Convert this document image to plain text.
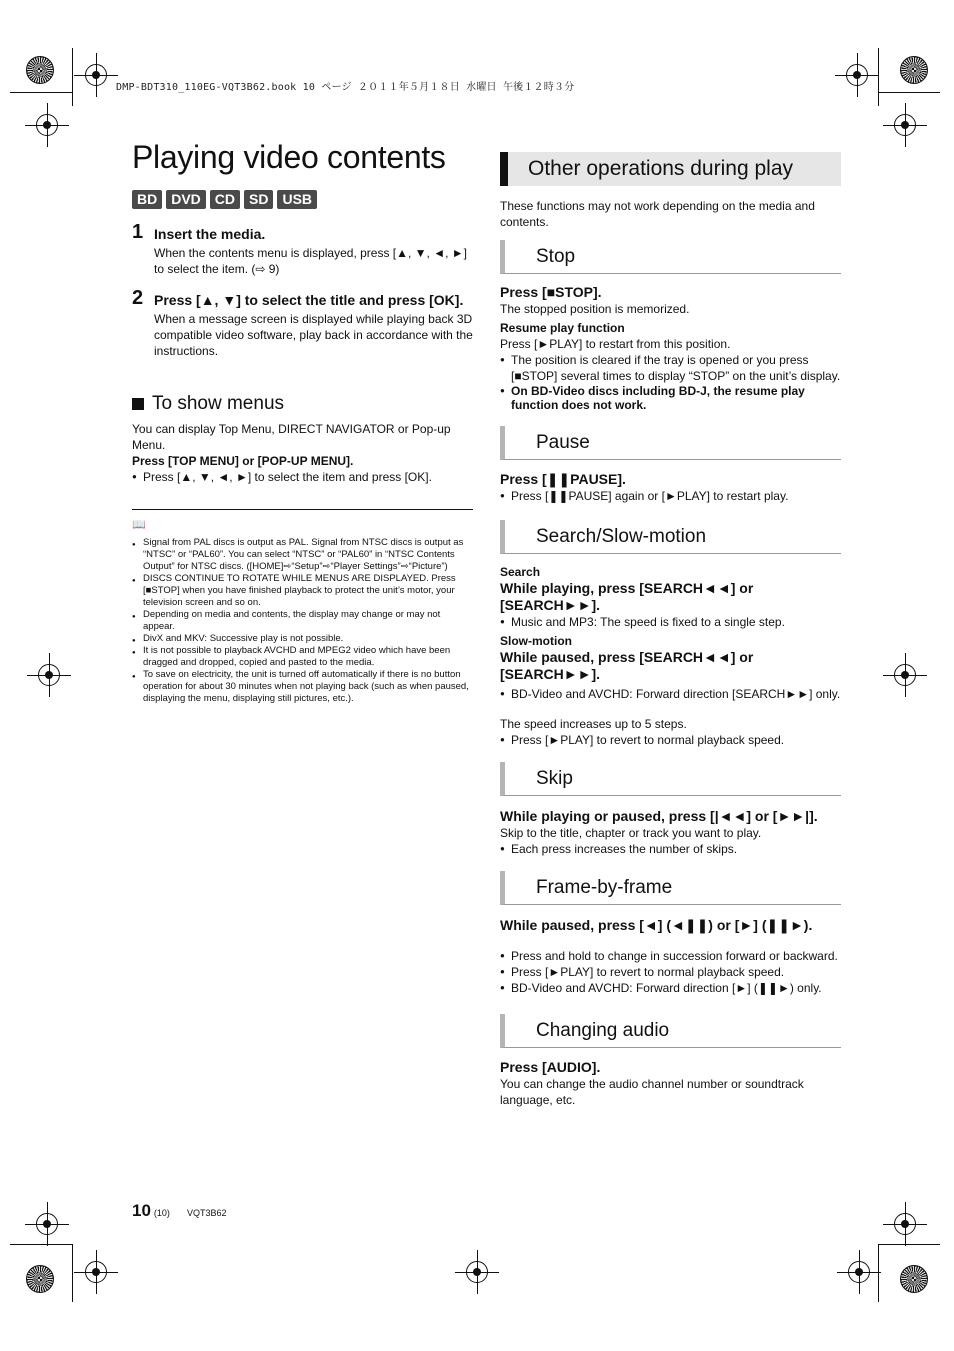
DMP-BDT310_110EG-VQT3B62.book 10 ページ ２０１１年５月１８日 水曜日 午後１２時３分
Playing video contents
BD	DVD	CD	SD	USB
1 Insert the media.
When the contents menu is displayed, press [▲, ▼, ◄, ►] to select the item. (⇨ 9)
2 Press [▲, ▼] to select the title and press [OK].
When a message screen is displayed while playing back 3D compatible video software, play back in accordance with the instructions.
To show menus
You can display Top Menu, DIRECT NAVIGATOR or Pop-up Menu.
Press [TOP MENU] or [POP-UP MENU].
● Press [▲, ▼, ◄, ►] to select the item and press [OK].
📖
● Signal from PAL discs is output as PAL. Signal from NTSC discs is output as “NTSC” or “PAL60”. You can select “NTSC” or “PAL60” in “NTSC Contents Output” for NTSC discs. ([HOME]⇨“Setup”⇨“Player Settings”⇨“Picture”)
● DISCS CONTINUE TO ROTATE WHILE MENUS ARE DISPLAYED. Press [■STOP] when you have finished playback to protect the unit’s motor, your television screen and so on.
● Depending on media and contents, the display may change or may not appear.
● DivX and MKV: Successive play is not possible.
● It is not possible to playback AVCHD and MPEG2 video which have been dragged and dropped, copied and pasted to the media.
● To save on electricity, the unit is turned off automatically if there is no button operation for about 30 minutes when not playing back (such as when paused, displaying the menu, displaying still pictures, etc.).
Other operations during play
These functions may not work depending on the media and contents.
Stop
Press [■STOP].
The stopped position is memorized.
Resume play function
Press [►PLAY] to restart from this position.
● The position is cleared if the tray is opened or you press [■STOP] several times to display “STOP” on the unit’s display.
● On BD-Video discs including BD-J, the resume play function does not work.
Pause
Press [❚❚PAUSE].
● Press [❚❚PAUSE] again or [►PLAY] to restart play.
Search/Slow-motion
Search
While playing, press [SEARCH◄◄] or [SEARCH►►].
● Music and MP3: The speed is fixed to a single step.
Slow-motion
While paused, press [SEARCH◄◄] or [SEARCH►►].
● BD-Video and AVCHD: Forward direction [SEARCH►►] only.
The speed increases up to 5 steps.
● Press [►PLAY] to revert to normal playback speed.
Skip
While playing or paused, press [|◄◄] or [►►|].
Skip to the title, chapter or track you want to play.
● Each press increases the number of skips.
Frame-by-frame
While paused, press [◄] (◄❚❚) or [►] (❚❚►).
● Press and hold to change in succession forward or backward.
● Press [►PLAY] to revert to normal playback speed.
● BD-Video and AVCHD: Forward direction [►] (❚❚►) only.
Changing audio
Press [AUDIO].
You can change the audio channel number or soundtrack language, etc.
10 (10) VQT3B62
